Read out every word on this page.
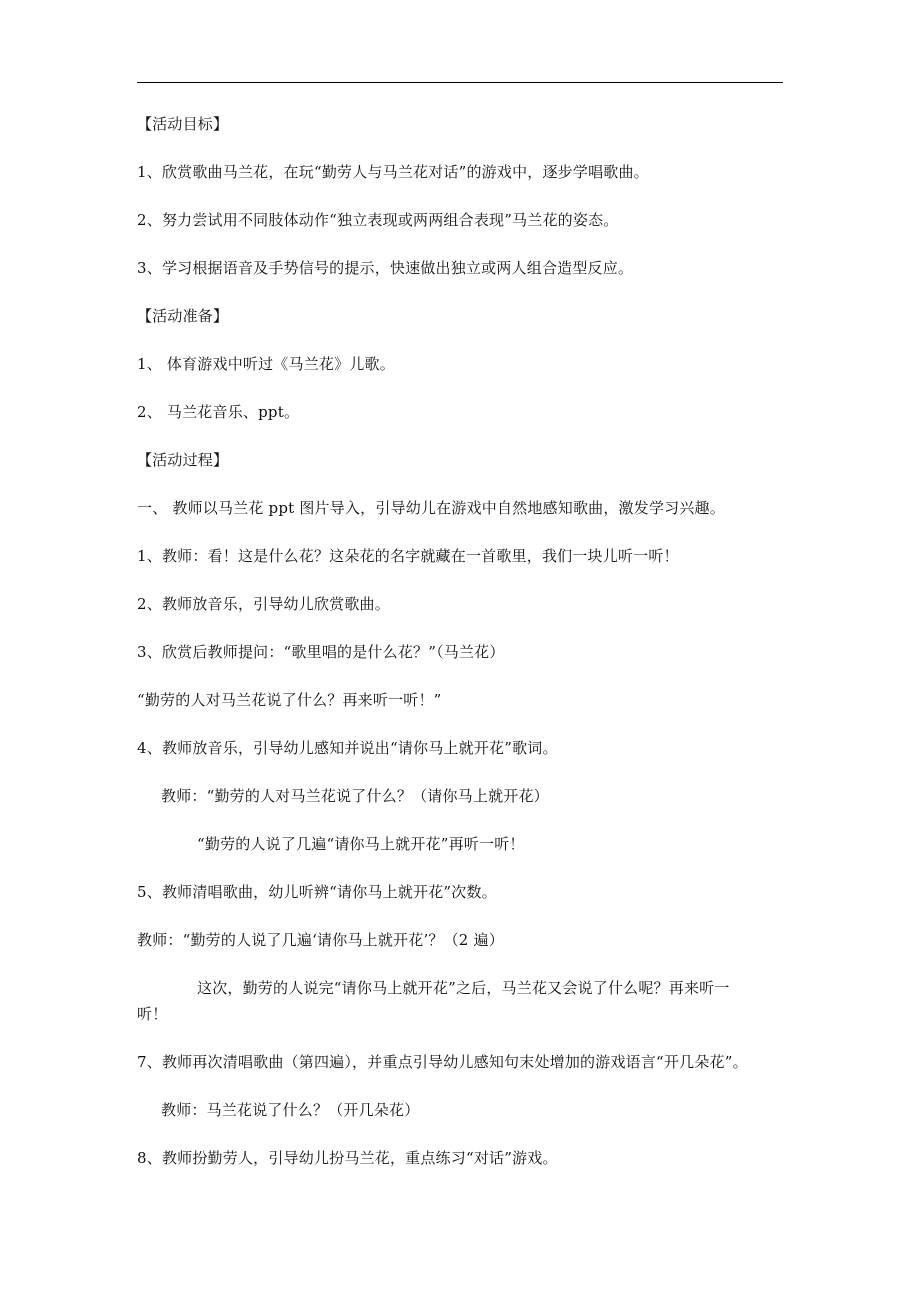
【活动目标】
1、欣赏歌曲马兰花，在玩“勤劳人与马兰花对话”的游戏中，逐步学唱歌曲。
2、努力尝试用不同肢体动作“独立表现或两两组合表现”马兰花的姿态。
3、学习根据语音及手势信号的提示，快速做出独立或两人组合造型反应。
【活动准备】
1、 体育游戏中听过《马兰花》儿歌。
2、 马兰花音乐、ppt。
【活动过程】
一、 教师以马兰花 ppt 图片导入，引导幼儿在游戏中自然地感知歌曲，激发学习兴趣。
1、教师：看！这是什么花？这朵花的名字就藏在一首歌里，我们一块儿听一听！
2、教师放音乐，引导幼儿欣赏歌曲。
3、欣赏后教师提问：“歌里唱的是什么花？”（马兰花）
“勤劳的人对马兰花说了什么？再来听一听！”
4、教师放音乐，引导幼儿感知并说出“请你马上就开花”歌词。
教师：“勤劳的人对马兰花说了什么？（请你马上就开花）
“勤劳的人说了几遍“请你马上就开花”再听一听！
5、教师清唱歌曲，幼儿听辨“请你马上就开花”次数。
教师：“勤劳的人说了几遍‘请你马上就开花’？（2 遍）
这次，勤劳的人说完“请你马上就开花”之后，马兰花又会说了什么呢？再来听一
听！
7、教师再次清唱歌曲（第四遍），并重点引导幼儿感知句末处增加的游戏语言“开几朵花”。
教师：马兰花说了什么？（开几朵花）
8、教师扮勤劳人，引导幼儿扮马兰花，重点练习“对话”游戏。
